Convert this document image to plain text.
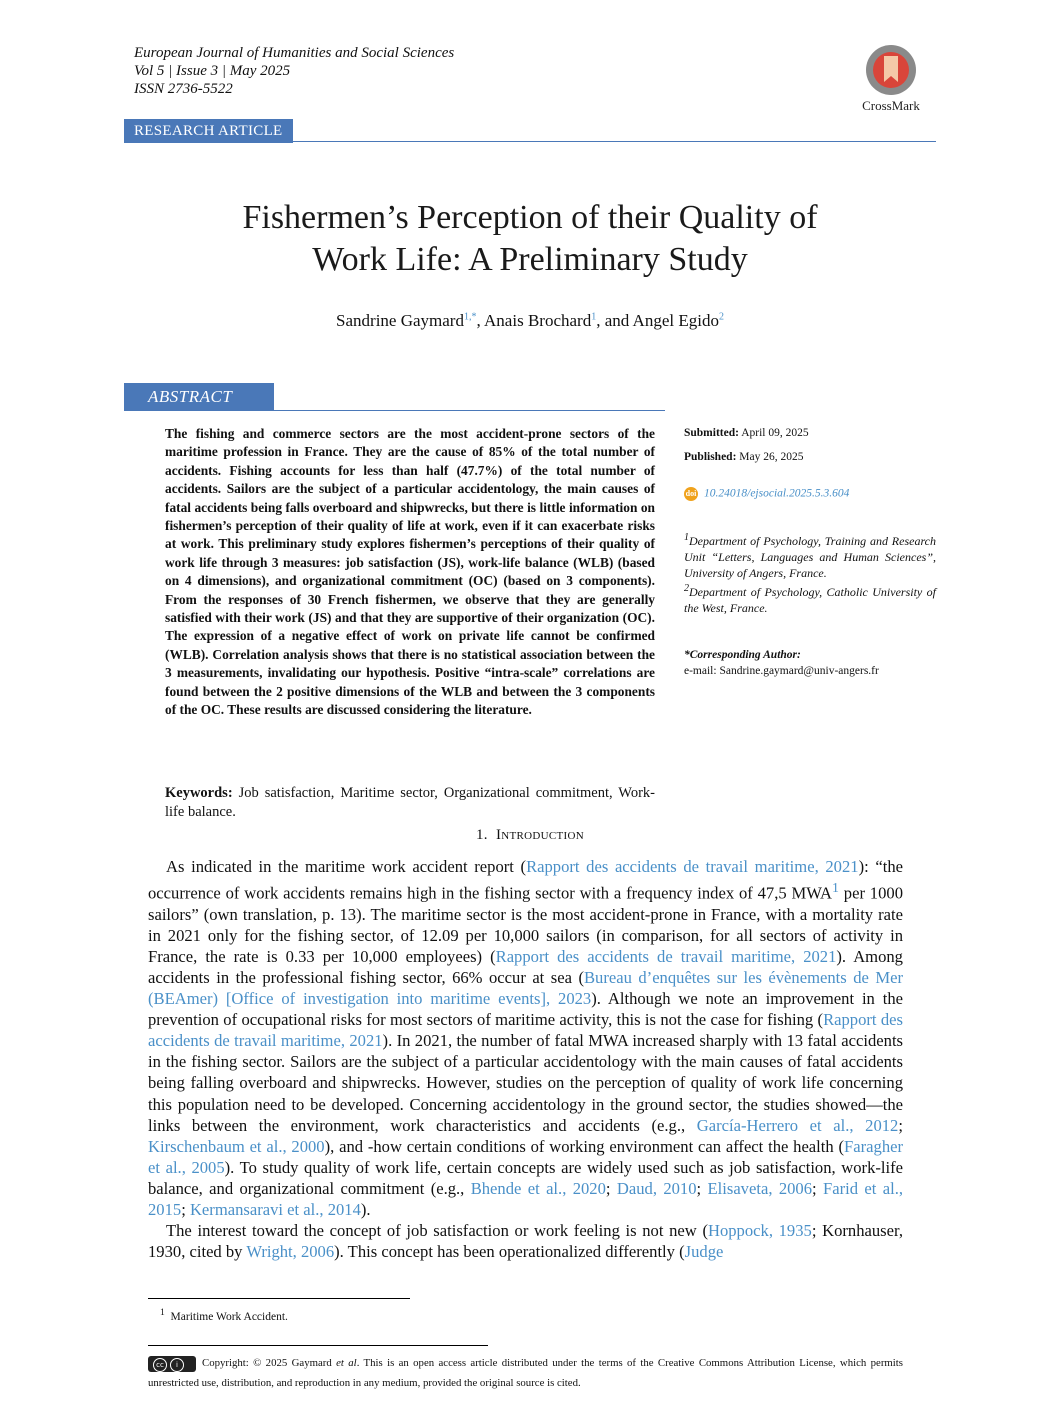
European Journal of Humanities and Social Sciences
Vol 5 | Issue 3 | May 2025
ISSN 2736-5522
CrossMark
RESEARCH ARTICLE
Fishermen’s Perception of their Quality of
Work Life: A Preliminary Study
Sandrine Gaymard$^{1,*}$, Anais Brochard$^1$, and Angel Egido$^2$
ABSTRACT
The fishing and commerce sectors are the most accident-prone sectors of the maritime profession in France. They are the cause of 85% of the total number of accidents. Fishing accounts for less than half (47.7%) of the total number of accidents. Sailors are the subject of a particular accidentology, the main causes of fatal accidents being falls overboard and shipwrecks, but there is little information on fishermen’s perception of their quality of life at work, even if it can exacerbate risks at work. This preliminary study explores fishermen’s perceptions of their quality of work life through 3 measures: job satisfaction (JS), work-life balance (WLB) (based on 4 dimensions), and organizational commitment (OC) (based on 3 components). From the responses of 30 French fishermen, we observe that they are generally satisfied with their work (JS) and that they are supportive of their organization (OC). The expression of a negative effect of work on private life cannot be confirmed (WLB). Correlation analysis shows that there is no statistical association between the 3 measurements, invalidating our hypothesis. Positive “intra-scale” correlations are found between the 2 positive dimensions of the WLB and between the 3 components of the OC. These results are discussed considering the literature.
Submitted: April 09, 2025
Published: May 26, 2025
doi 10.24018/ejsocial.2025.5.3.604
$^1$Department of Psychology, Training and Research Unit “Letters, Languages and Human Sciences”, University of Angers, France.
$^2$Department of Psychology, Catholic University of the West, France.
*Corresponding Author:
e-mail: Sandrine.gaymard@univ-angers.fr
Keywords: Job satisfaction, Maritime sector, Organizational commitment, Work-life balance.
1. Introduction

As indicated in the maritime work accident report (Rapport des accidents de travail maritime, 2021): “the occurrence of work accidents remains high in the fishing sector with a frequency index of 47,5 MWA$^1$ per 1000 sailors” (own translation, p. 13). The maritime sector is the most accident-prone in France, with a mortality rate in 2021 only for the fishing sector, of 12.09 per 10,000 sailors (in comparison, for all sectors of activity in France, the rate is 0.33 per 10,000 employees) (Rapport des accidents de travail maritime, 2021). Among accidents in the professional fishing sector, 66% occur at sea (Bureau d’enquêtes sur les évènements de Mer (BEAmer) [Office of investigation into maritime events], 2023). Although we note an improvement in the prevention of occupational risks for most sectors of maritime activity, this is not the case for fishing (Rapport des accidents de travail maritime, 2021). In 2021, the number of fatal MWA increased sharply with 13 fatal accidents in the fishing sector. Sailors are the subject of a particular accidentology with the main causes of fatal accidents being falling overboard and shipwrecks. However, studies on the perception of quality of work life concerning this population need to be developed. Concerning accidentology in the ground sector, the studies showed—the links between the environment, work characteristics and accidents (e.g., García-Herrero et al., 2012; Kirschenbaum et al., 2000), and -how certain conditions of working environment can affect the health (Faragher et al., 2005). To study quality of work life, certain concepts are widely used such as job satisfaction, work-life balance, and organizational commitment (e.g., Bhende et al., 2020; Daud, 2010; Elisaveta, 2006; Farid et al., 2015; Kermansaravi et al., 2014).

The interest toward the concept of job satisfaction or work feeling is not new (Hoppock, 1935; Kornhauser, 1930, cited by Wright, 2006). This concept has been operationalized differently (Judge

$^1$ Maritime Work Accident.
cc	i	Copyright: © 2025 Gaymard et al. This is an open access article distributed under the terms of the Creative Commons Attribution License, which permits unrestricted use, distribution, and reproduction in any medium, provided the original source is cited.
